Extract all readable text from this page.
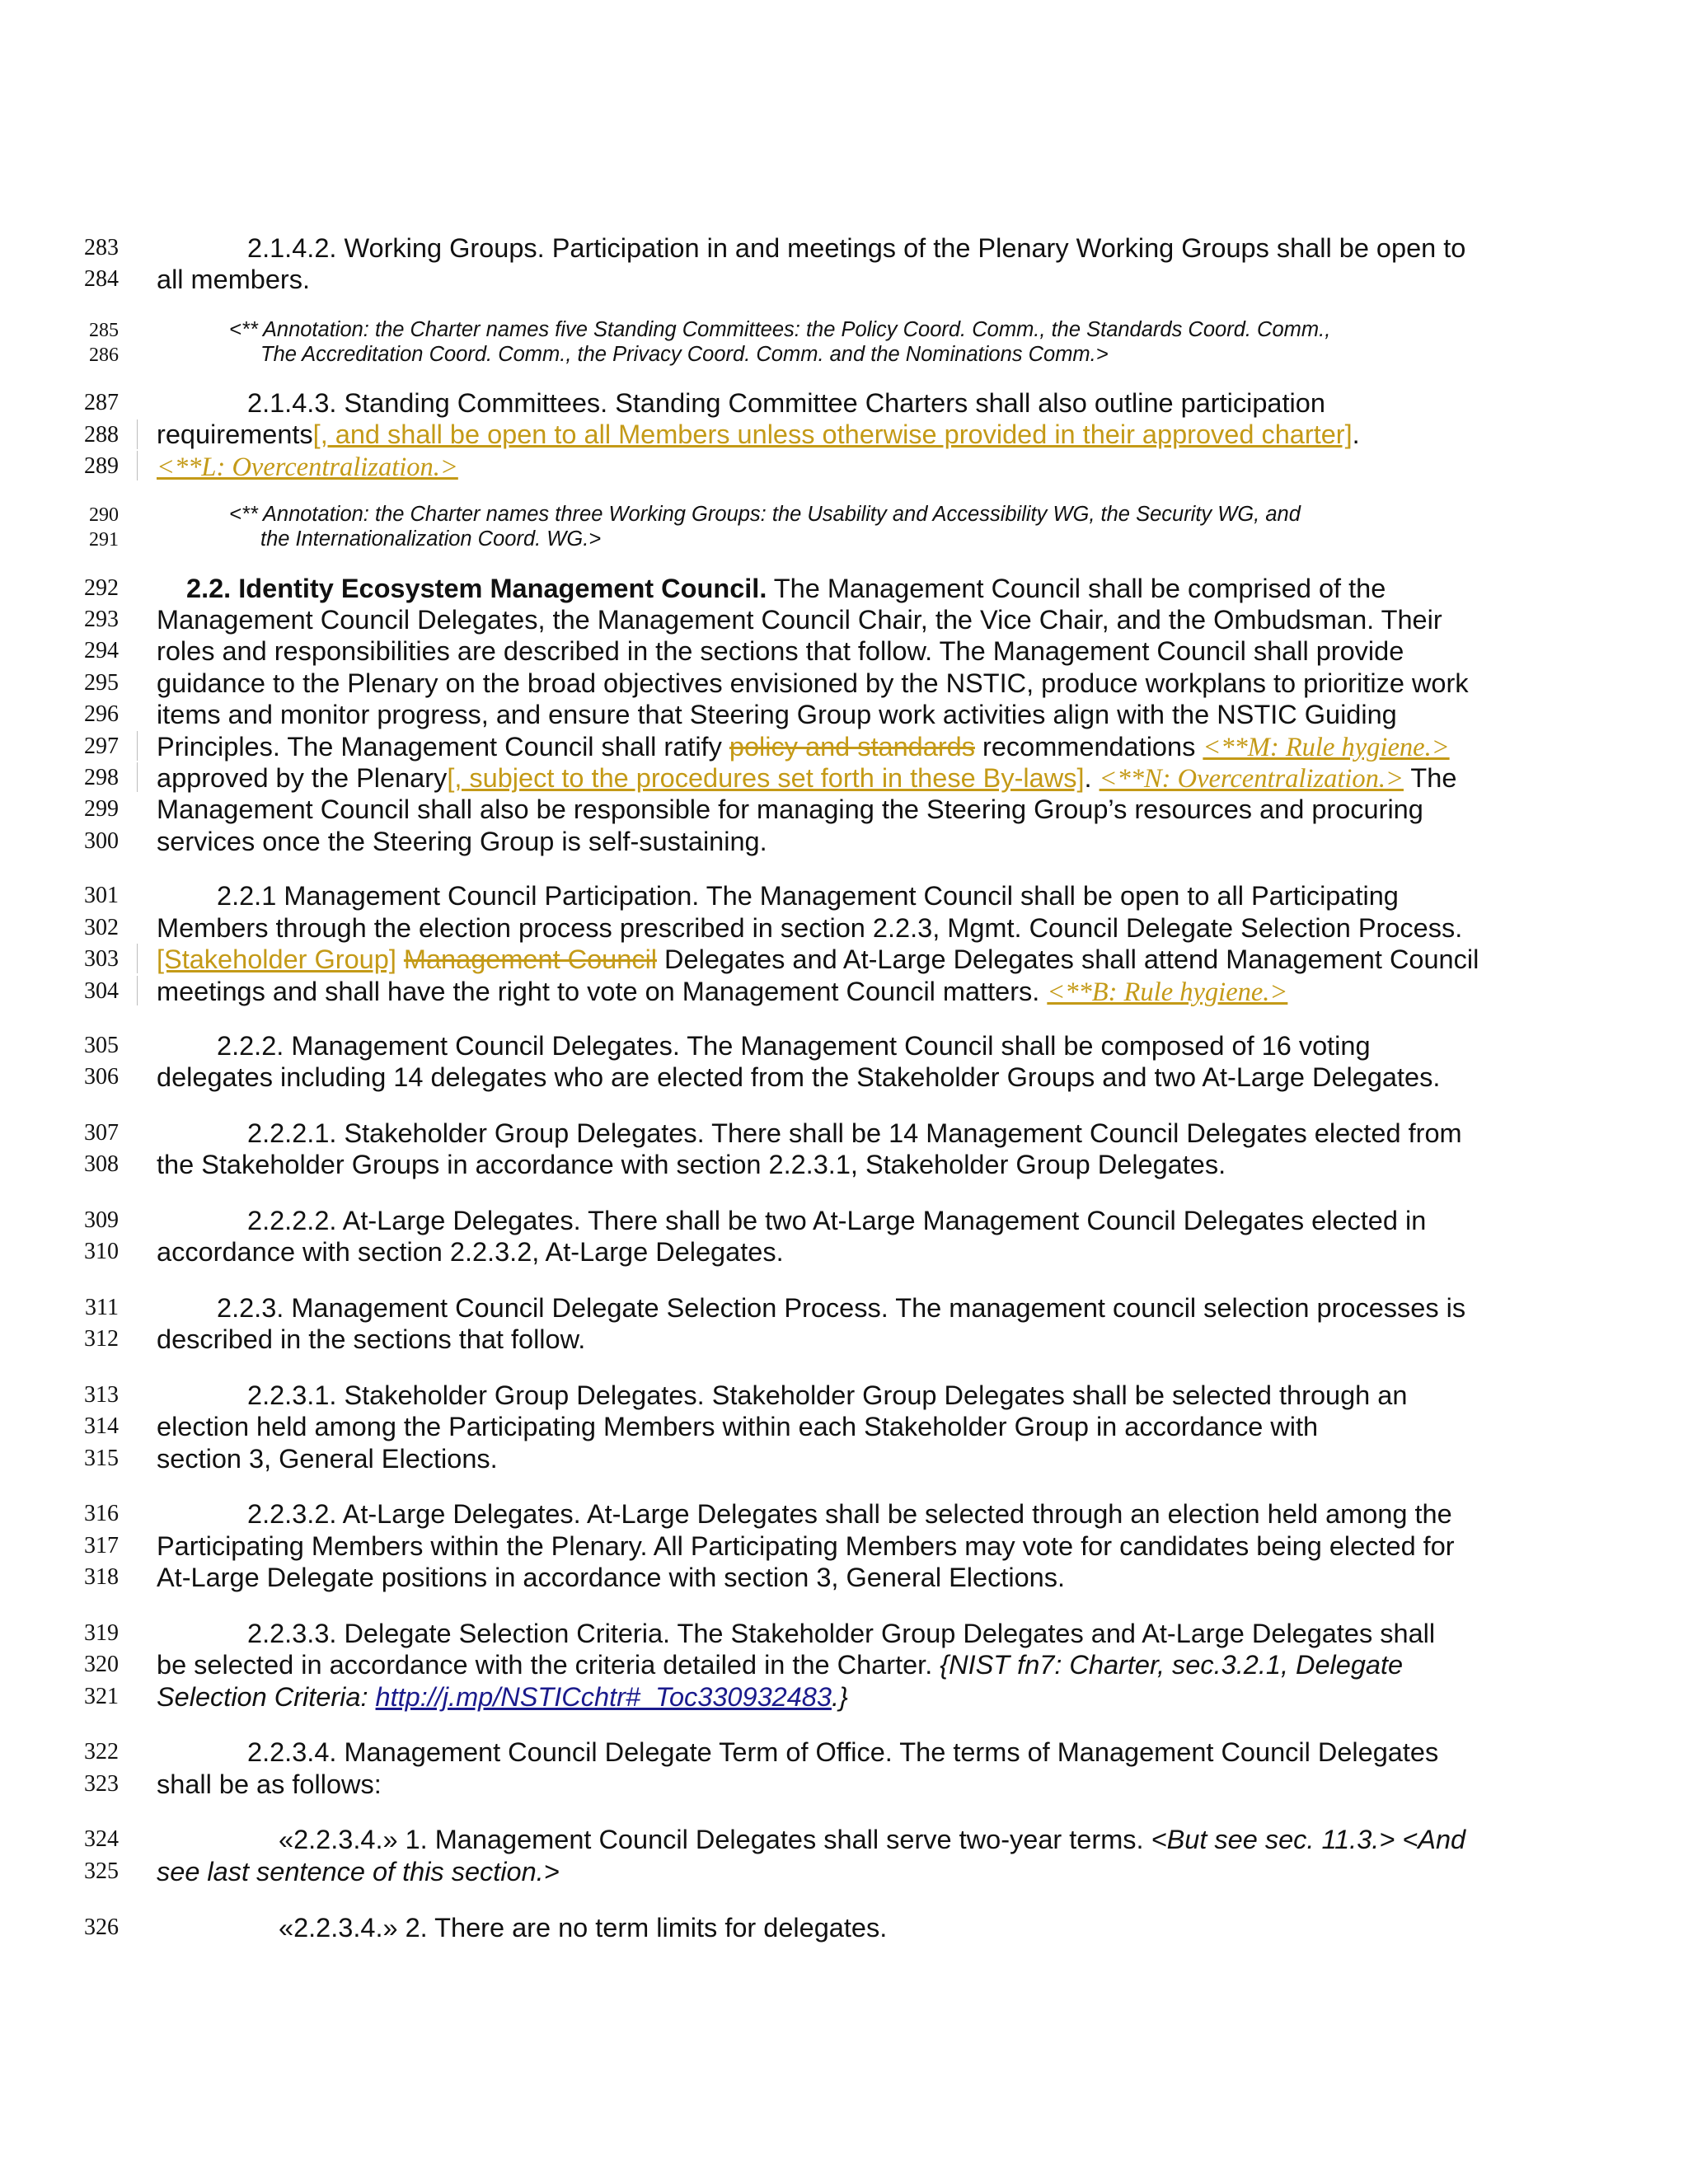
283	2.1.4.2. Working Groups. Participation in and meetings of the Plenary Working Groups shall be open to
284 all members.
285	<** Annotation: the Charter names five Standing Committees: the Policy Coord. Comm., the Standards Coord. Comm.,
286	The Accreditation Coord. Comm., the Privacy Coord. Comm. and the Nominations Comm.>
287	2.1.4.3. Standing Committees. Standing Committee Charters shall also outline participation
288 requirements[, and shall be open to all Members unless otherwise provided in their approved charter].
289 <**L: Overcentralization.>
290	<** Annotation: the Charter names three Working Groups: the Usability and Accessibility WG, the Security WG, and
291	the Internationalization Coord. WG.>
292	2.2. Identity Ecosystem Management Council. The Management Council shall be comprised of the
293 Management Council Delegates, the Management Council Chair, the Vice Chair, and the Ombudsman. Their
294 roles and responsibilities are described in the sections that follow. The Management Council shall provide
295 guidance to the Plenary on the broad objectives envisioned by the NSTIC, produce workplans to prioritize work
296 items and monitor progress, and ensure that Steering Group work activities align with the NSTIC Guiding
297 Principles. The Management Council shall ratify policy and standards recommendations <**M: Rule hygiene.>
298 approved by the Plenary[, subject to the procedures set forth in these By-laws]. <**N: Overcentralization.> The
299 Management Council shall also be responsible for managing the Steering Group’s resources and procuring
300 services once the Steering Group is self-sustaining.
301	2.2.1 Management Council Participation. The Management Council shall be open to all Participating
302 Members through the election process prescribed in section 2.2.3, Mgmt. Council Delegate Selection Process.
303 [Stakeholder Group] Management Council Delegates and At-Large Delegates shall attend Management Council
304 meetings and shall have the right to vote on Management Council matters. <**B: Rule hygiene.>
305	2.2.2. Management Council Delegates. The Management Council shall be composed of 16 voting
306 delegates including 14 delegates who are elected from the Stakeholder Groups and two At-Large Delegates.
307	2.2.2.1. Stakeholder Group Delegates. There shall be 14 Management Council Delegates elected from
308 the Stakeholder Groups in accordance with section 2.2.3.1, Stakeholder Group Delegates.
309	2.2.2.2. At-Large Delegates. There shall be two At-Large Management Council Delegates elected in
310 accordance with section 2.2.3.2, At-Large Delegates.
311	2.2.3. Management Council Delegate Selection Process. The management council selection processes is
312 described in the sections that follow.
313	2.2.3.1. Stakeholder Group Delegates. Stakeholder Group Delegates shall be selected through an
314 election held among the Participating Members within each Stakeholder Group in accordance with
315 section 3, General Elections.
316	2.2.3.2. At-Large Delegates. At-Large Delegates shall be selected through an election held among the
317 Participating Members within the Plenary. All Participating Members may vote for candidates being elected for
318 At-Large Delegate positions in accordance with section 3, General Elections.
319	2.2.3.3. Delegate Selection Criteria. The Stakeholder Group Delegates and At-Large Delegates shall
320 be selected in accordance with the criteria detailed in the Charter. {NIST fn7: Charter, sec.3.2.1, Delegate
321 Selection Criteria: http://j.mp/NSTICchtr#_Toc330932483.}
322	2.2.3.4. Management Council Delegate Term of Office. The terms of Management Council Delegates
323 shall be as follows:
324	«2.2.3.4.» 1. Management Council Delegates shall serve two-year terms. <But see sec. 11.3.> <And
325 see last sentence of this section.>
326	«2.2.3.4.» 2. There are no term limits for delegates.
